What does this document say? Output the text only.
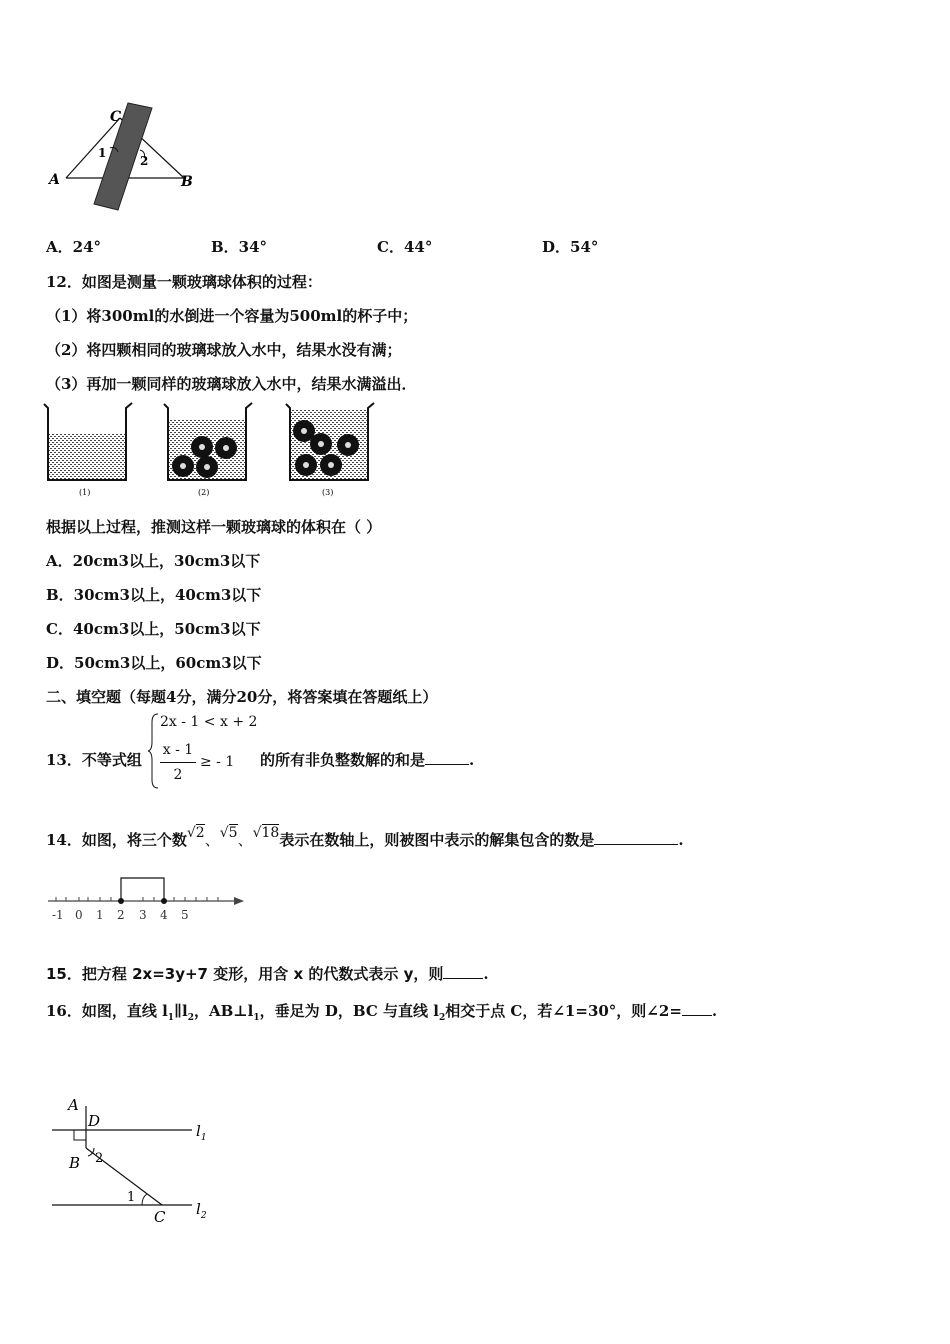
C
A	B
1
2
A．24°	B．34°	C．44°	D．54°
12．如图是测量一颗玻璃球体积的过程：
（1）将300ml的水倒进一个容量为500ml的杯子中；
（2）将四颗相同的玻璃球放入水中，结果水没有满；
（3）再加一颗同样的玻璃球放入水中，结果水满溢出．
(1)	(2)	(3)
根据以上过程，推测这样一颗玻璃球的体积在（ ）
A．20cm3以上，30cm3以下
B．30cm3以上，40cm3以下
C．40cm3以上，50cm3以下
D．50cm3以上，60cm3以下
二、填空题（每题4分，满分20分，将答案填在答题纸上）
13．不等式组
2x - 1 < x + 2
x - 1
2
≥ - 1 的所有非负整数解的和是	.
14．如图，将三个数√2、√5、√18表示在数轴上，则被图中表示的解集包含的数是	.
-1 0 1 2 3 4 5
15．把方程 2x=3y+7 变形，用含 x 的代数式表示 y，则	.
16．如图，直线 $l_1\parallel l_2$，$AB\perp l_1$，垂足为 D，BC 与直线 $l_2$相交于点 C，若∠1=30°，则∠2= .
A
D
B
C
$l_1$
$l_2$
2
1
